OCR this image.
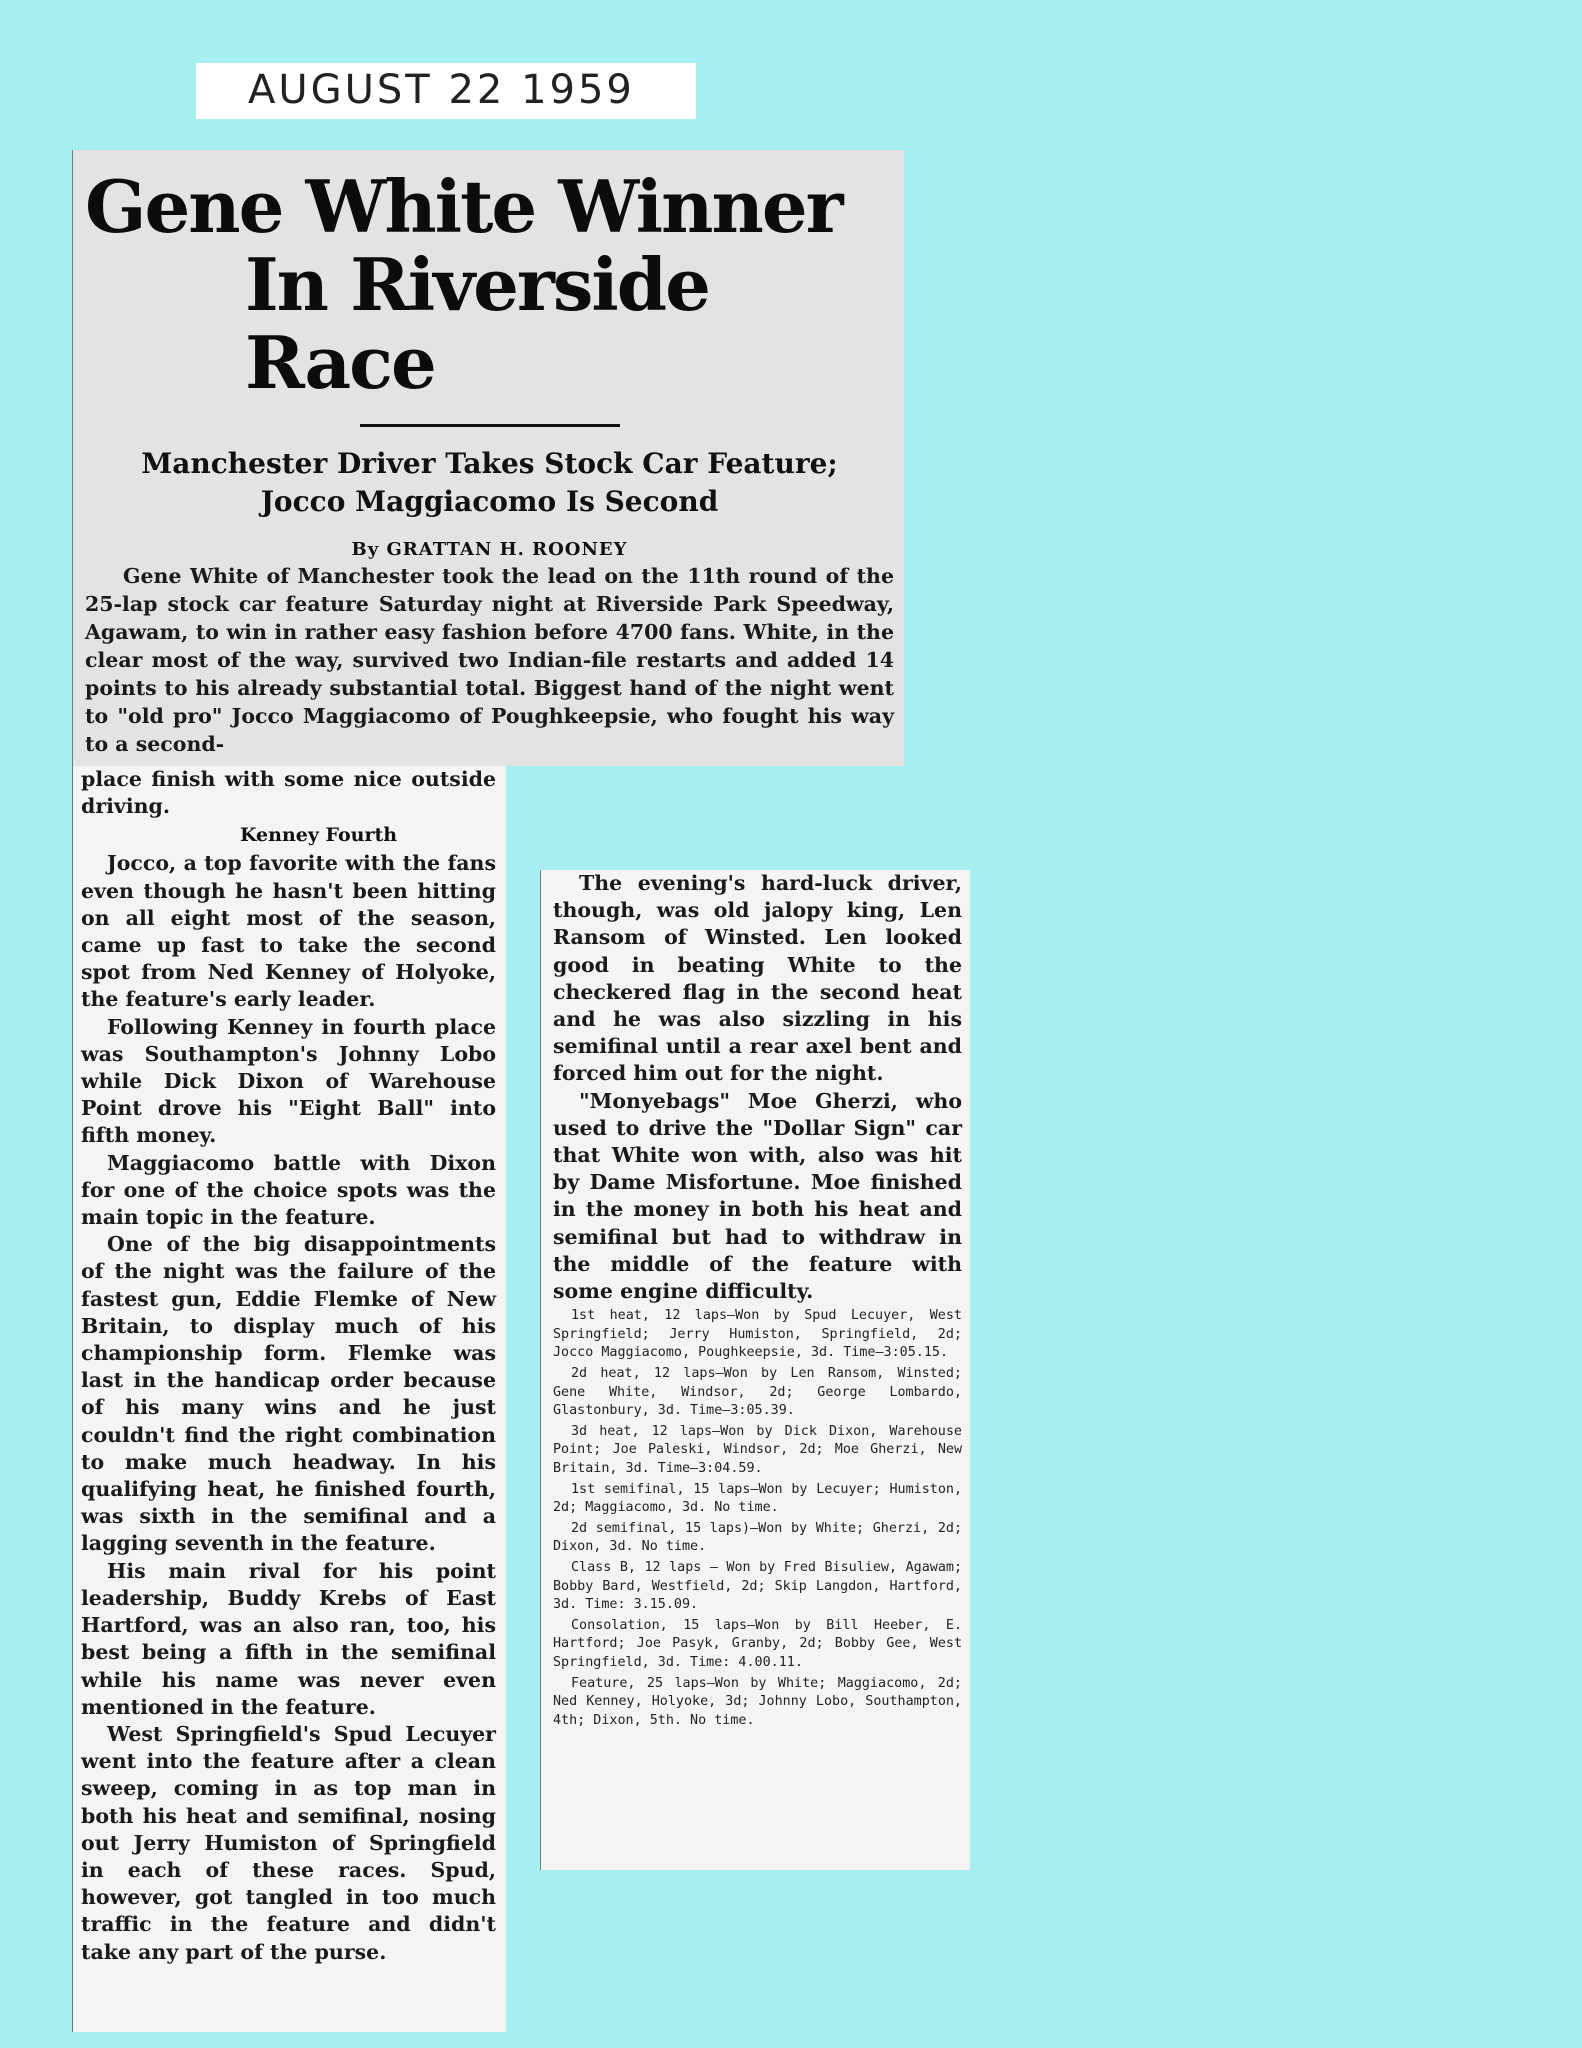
AUGUST 22 1959
Gene White Winner
In Riverside Race

Manchester Driver Takes Stock Car Feature;

Jocco Maggiacomo Is Second

By GRATTAN H. ROONEY

Gene White of Manchester took the lead on the 11th round of the 25-lap stock car feature Saturday night at Riverside Park Speedway, Agawam, to win in rather easy fashion before 4700 fans. White, in the clear most of the way, survived two Indian-file restarts and added 14 points to his already substantial total. Biggest hand of the night went to "old pro" Jocco Maggiacomo of Poughkeepsie, who fought his way to a second-

place finish with some nice outside driving.

Kenney Fourth

Jocco, a top favorite with the fans even though he hasn't been hitting on all eight most of the season, came up fast to take the second spot from Ned Kenney of Holyoke, the feature's early leader.

Following Kenney in fourth place was Southampton's Johnny Lobo while Dick Dixon of Warehouse Point drove his "Eight Ball" into fifth money.

Maggiacomo battle with Dixon for one of the choice spots was the main topic in the feature.

One of the big disappointments of the night was the failure of the fastest gun, Eddie Flemke of New Britain, to display much of his championship form. Flemke was last in the handicap order because of his many wins and he just couldn't find the right combination to make much headway. In his qualifying heat, he finished fourth, was sixth in the semifinal and a lagging seventh in the feature.

His main rival for his point leadership, Buddy Krebs of East Hartford, was an also ran, too, his best being a fifth in the semifinal while his name was never even mentioned in the feature.

West Springfield's Spud Lecuyer went into the feature after a clean sweep, coming in as top man in both his heat and semifinal, nosing out Jerry Humiston of Springfield in each of these races. Spud, however, got tangled in too much traffic in the feature and didn't take any part of the purse.

The evening's hard-luck driver, though, was old jalopy king, Len Ransom of Winsted. Len looked good in beating White to the checkered flag in the second heat and he was also sizzling in his semifinal until a rear axel bent and forced him out for the night.

"Monyebags" Moe Gherzi, who used to drive the "Dollar Sign" car that White won with, also was hit by Dame Misfortune. Moe finished in the money in both his heat and semifinal but had to withdraw in the middle of the feature with some engine difficulty.

1st heat, 12 laps—Won by Spud Lecuyer, West Springfield; Jerry Humiston, Springfield, 2d; Jocco Maggiacomo, Poughkeepsie, 3d. Time—3:05.15.

2d heat, 12 laps—Won by Len Ransom, Winsted; Gene White, Windsor, 2d; George Lombardo, Glastonbury, 3d. Time—3:05.39.

3d heat, 12 laps—Won by Dick Dixon, Warehouse Point; Joe Paleski, Windsor, 2d; Moe Gherzi, New Britain, 3d. Time—3:04.59.

1st semifinal, 15 laps—Won by Lecuyer; Humiston, 2d; Maggiacomo, 3d. No time.

2d semifinal, 15 laps)—Won by White; Gherzi, 2d; Dixon, 3d. No time.

Class B, 12 laps — Won by Fred Bisuliew, Agawam; Bobby Bard, Westfield, 2d; Skip Langdon, Hartford, 3d. Time: 3.15.09.

Consolation, 15 laps—Won by Bill Heeber, E. Hartford; Joe Pasyk, Granby, 2d; Bobby Gee, West Springfield, 3d. Time: 4.00.11.

Feature, 25 laps—Won by White; Maggiacomo, 2d; Ned Kenney, Holyoke, 3d; Johnny Lobo, Southampton, 4th; Dixon, 5th. No time.
